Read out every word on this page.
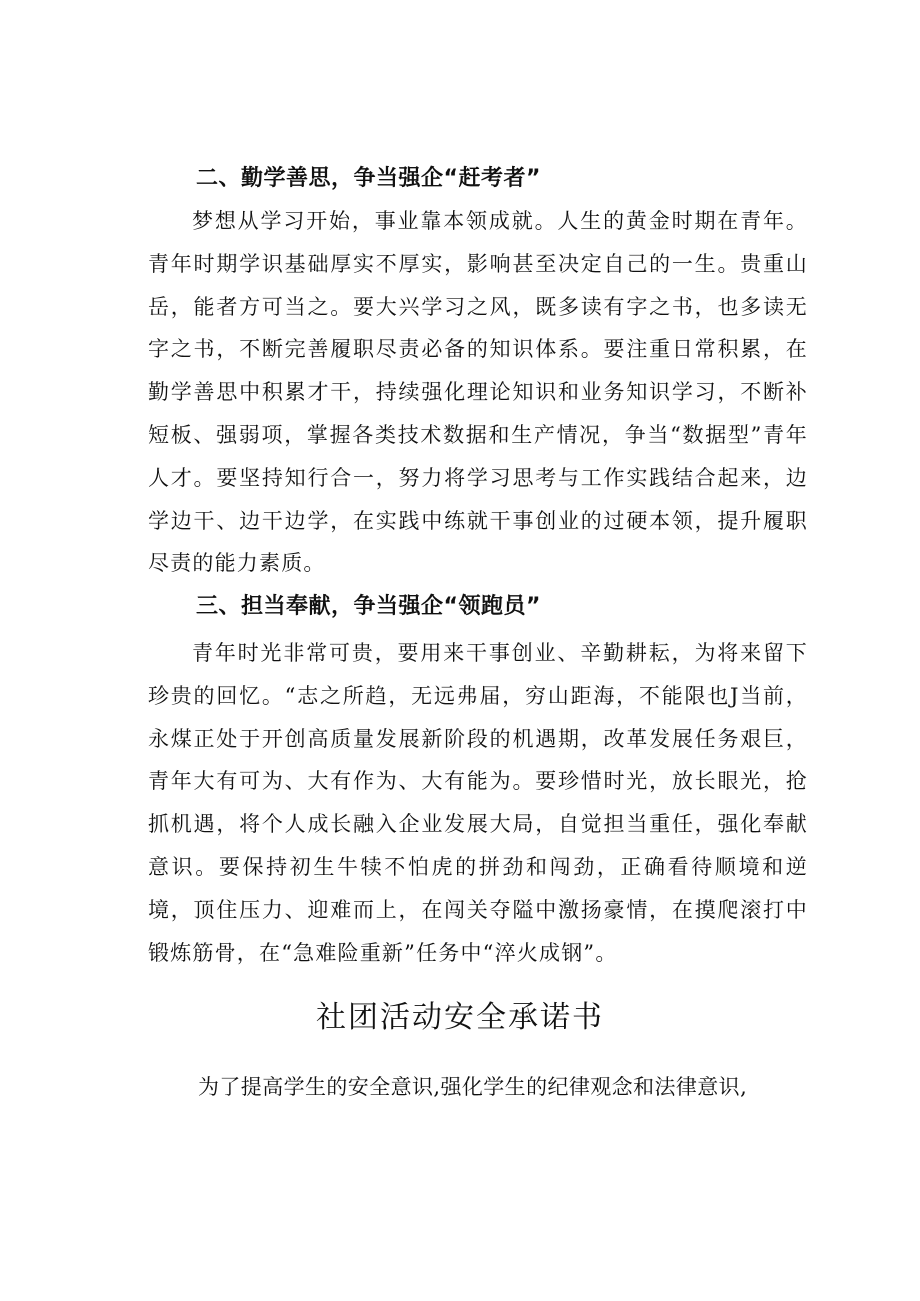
二、勤学善思，争当强企“赶考者”

梦想从学习开始，事业靠本领成就。人生的黄金时期在青年。青年时期学识基础厚实不厚实，影响甚至决定自己的一生。贵重山岳，能者方可当之。要大兴学习之风，既多读有字之书，也多读无字之书，不断完善履职尽责必备的知识体系。要注重日常积累，在勤学善思中积累才干，持续强化理论知识和业务知识学习，不断补短板、强弱项，掌握各类技术数据和生产情况，争当“数据型”青年人才。要坚持知行合一，努力将学习思考与工作实践结合起来，边学边干、边干边学，在实践中练就干事创业的过硬本领，提升履职尽责的能力素质。

三、担当奉献，争当强企“领跑员”

青年时光非常可贵，要用来干事创业、辛勤耕耘，为将来留下珍贵的回忆。“志之所趋，无远弗届，穷山距海，不能限也J当前，永煤正处于开创高质量发展新阶段的机遇期，改革发展任务艰巨，青年大有可为、大有作为、大有能为。要珍惜时光，放长眼光，抢抓机遇，将个人成长融入企业发展大局，自觉担当重任，强化奉献意识。要保持初生牛犊不怕虎的拼劲和闯劲，正确看待顺境和逆境，顶住压力、迎难而上，在闯关夺隘中激扬豪情，在摸爬滚打中锻炼筋骨，在“急难险重新”任务中“淬火成钢”。

社团活动安全承诺书

为了提高学生的安全意识,强化学生的纪律观念和法律意识,
